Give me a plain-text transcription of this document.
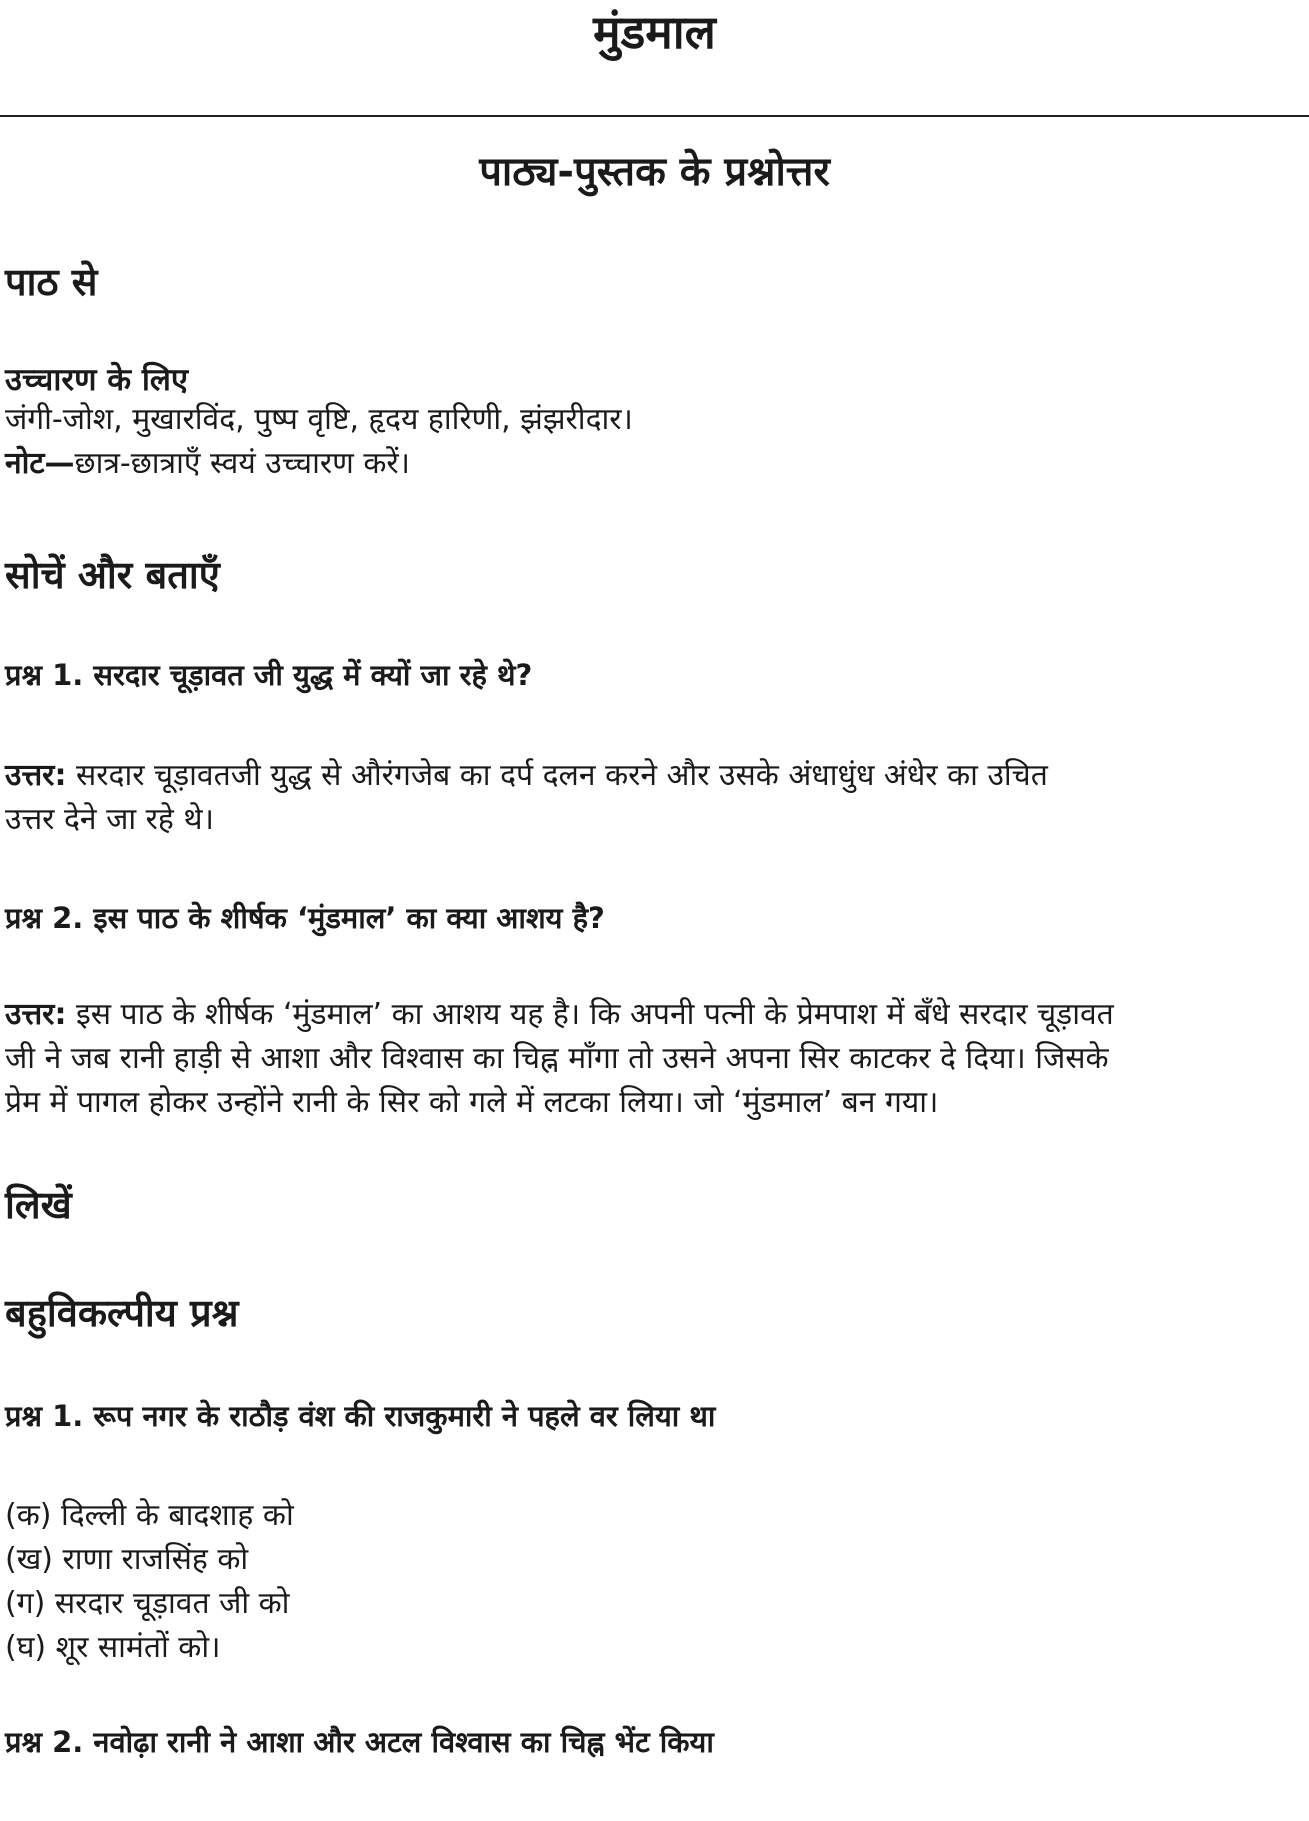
मुंडमाल
पाठ्य-पुस्तक के प्रश्नोत्तर
पाठ से
उच्चारण के लिए
जंगी-जोश, मुखारविंद, पुष्प वृष्टि, हृदय हारिणी, झंझरीदार।
नोट—छात्र-छात्राएँ स्वयं उच्चारण करें।
सोचें और बताएँ
प्रश्न 1. सरदार चूड़ावत जी युद्ध में क्यों जा रहे थे?
उत्तर: सरदार चूड़ावतजी युद्ध से औरंगजेब का दर्प दलन करने और उसके अंधाधुंध अंधेर का उचित
उत्तर देने जा रहे थे।
प्रश्न 2. इस पाठ के शीर्षक ‘मुंडमाल’ का क्या आशय है?
उत्तर: इस पाठ के शीर्षक ‘मुंडमाल’ का आशय यह है। कि अपनी पत्नी के प्रेमपाश में बँधे सरदार चूड़ावत
जी ने जब रानी हाड़ी से आशा और विश्वास का चिह्न माँगा तो उसने अपना सिर काटकर दे दिया। जिसके
प्रेम में पागल होकर उन्होंने रानी के सिर को गले में लटका लिया। जो ‘मुंडमाल’ बन गया।
लिखें
बहुविकल्पीय प्रश्न
प्रश्न 1. रूप नगर के राठौड़ वंश की राजकुमारी ने पहले वर लिया था
(क) दिल्ली के बादशाह को
(ख) राणा राजसिंह को
(ग) सरदार चूड़ावत जी को
(घ) शूर सामंतों को।
प्रश्न 2. नवोढ़ा रानी ने आशा और अटल विश्वास का चिह्न भेंट किया
